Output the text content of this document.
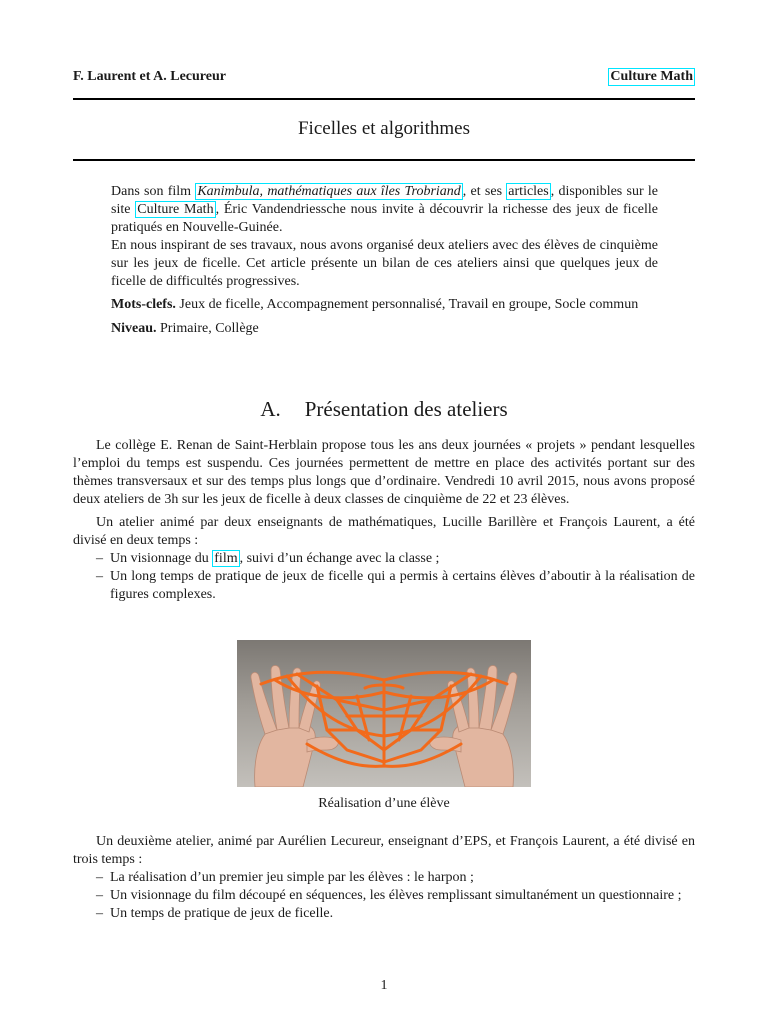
F. Laurent et A. Lecureur	Culture Math
Ficelles et algorithmes

Dans son film Kanimbula, mathématiques aux îles Trobriand , et ses articles , disponibles sur le site Culture Math , Éric Vandendriessche nous invite à découvrir la richesse des jeux de ficelle pratiqués en Nouvelle-Guinée.

En nous inspirant de ses travaux, nous avons organisé deux ateliers avec des élèves de cinquième sur les jeux de ficelle. Cet article présente un bilan de ces ateliers ainsi que quelques jeux de ficelle de difficultés progressives.

Mots-clefs. Jeux de ficelle, Accompagnement personnalisé, Travail en groupe, Socle commun

Niveau. Primaire, Collège

A. Présentation des ateliers

Le collège E. Renan de Saint-Herblain propose tous les ans deux journées « projets » pendant lesquelles l’emploi du temps est suspendu. Ces journées permettent de mettre en place des activités portant sur des thèmes transversaux et sur des temps plus longs que d’ordinaire. Vendredi 10 avril 2015, nous avons proposé deux ateliers de 3h sur les jeux de ficelle à deux classes de cinquième de 22 et 23 élèves.

Un atelier animé par deux enseignants de mathématiques, Lucille Barillère et François Laurent, a été divisé en deux temps :

– Un visionnage du film , suivi d’un échange avec la classe ;
– Un long temps de pratique de jeux de ficelle qui a permis à certains élèves d’aboutir à la réalisation de figures complexes.
Réalisation d’une élève

Un deuxième atelier, animé par Aurélien Lecureur, enseignant d’EPS, et François Laurent, a été divisé en trois temps :

– La réalisation d’un premier jeu simple par les élèves : le harpon ;
– Un visionnage du film découpé en séquences, les élèves remplissant simultanément un questionnaire ;
– Un temps de pratique de jeux de ficelle.
1
